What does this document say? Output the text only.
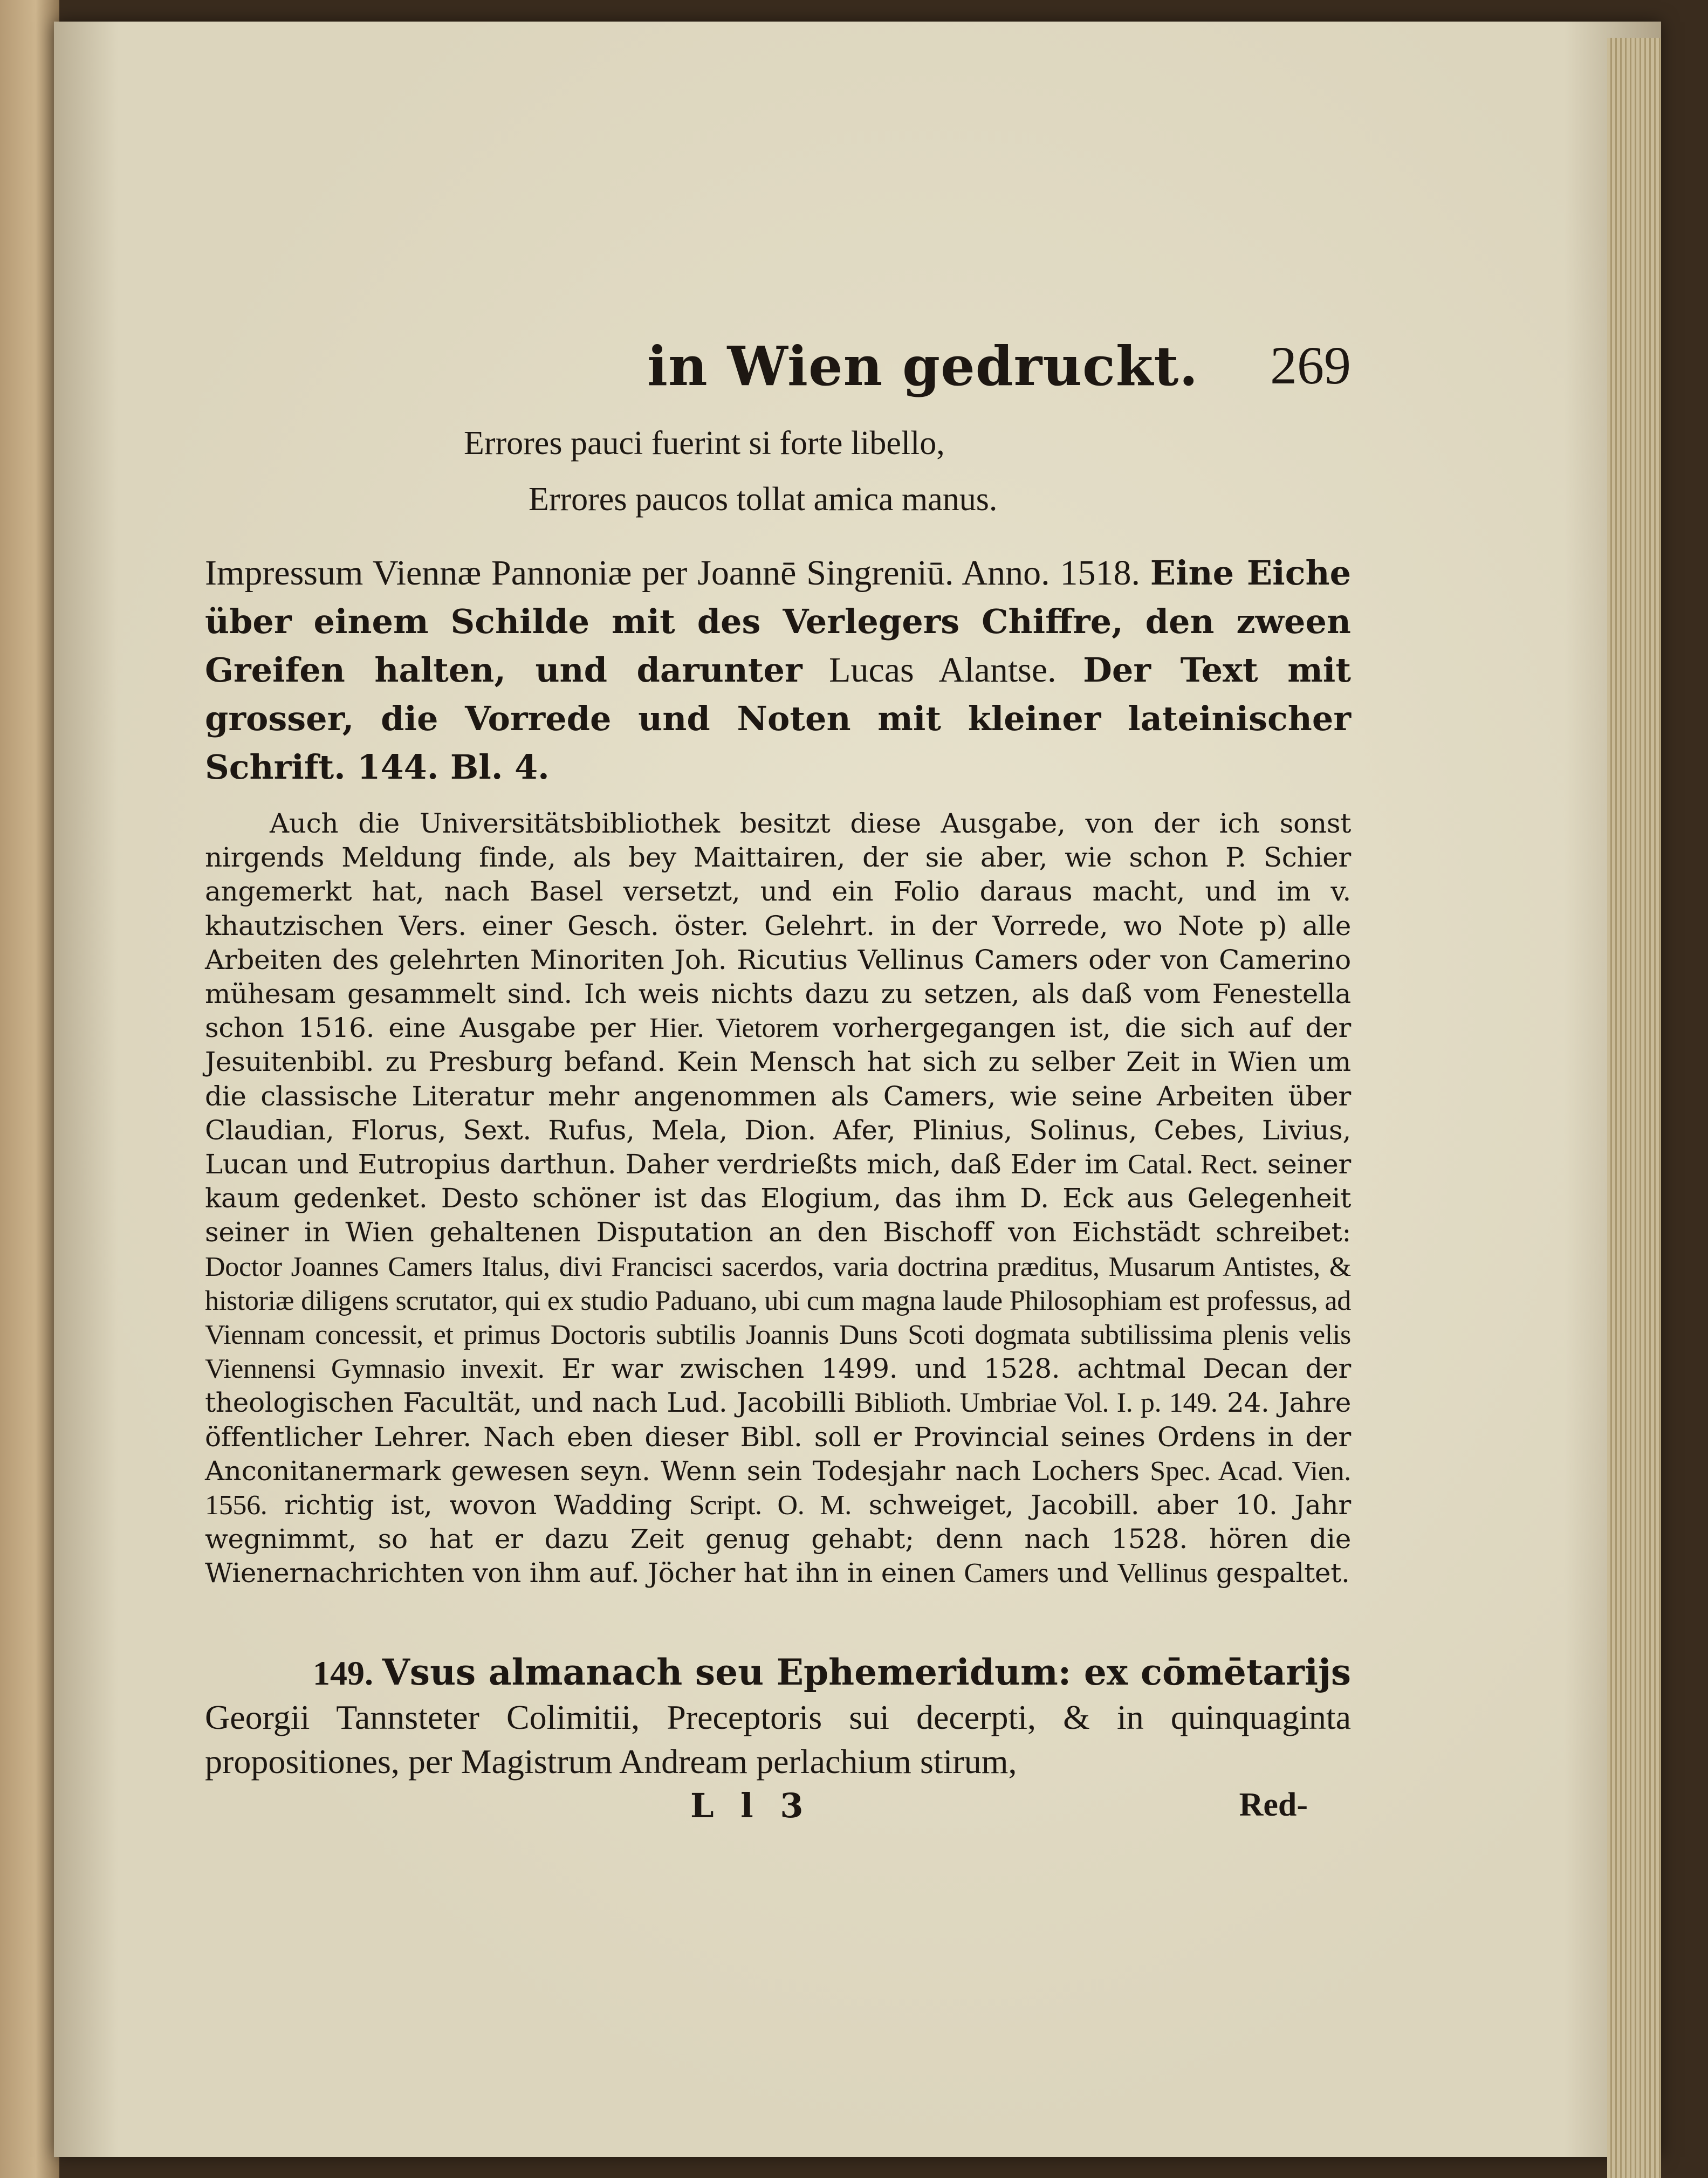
in Wien gedruckt. 269
Errores pauci fuerint si forte libello,
Errores paucos tollat amica manus.
Impressum Viennæ Pannoniæ per Joannē Singreniū. Anno. 1518. Eine Eiche über einem Schilde mit des Verlegers Chiffre, den zween Greifen halten, und darunter Lucas Alantse. Der Text mit grosser, die Vorrede und Noten mit kleiner lateinischer Schrift. 144. Bl. 4.

Auch die Universitätsbibliothek besitzt diese Ausgabe, von der ich sonst nirgends Meldung finde, als bey Maittairen, der sie aber, wie schon P. Schier angemerkt hat, nach Basel versetzt, und ein Folio daraus macht, und im v. khautzischen Vers. einer Gesch. öster. Gelehrt. in der Vorrede, wo Note p) alle Arbeiten des gelehrten Minoriten Joh. Ricutius Vellinus Camers oder von Camerino mühesam gesammelt sind. Ich weis nichts dazu zu setzen, als daß vom Fenestella schon 1516. eine Ausgabe per Hier. Vietorem vorhergegangen ist, die sich auf der Jesuitenbibl. zu Presburg befand. Kein Mensch hat sich zu selber Zeit in Wien um die classische Literatur mehr angenommen als Camers, wie seine Arbeiten über Claudian, Florus, Sext. Rufus, Mela, Dion. Afer, Plinius, Solinus, Cebes, Livius, Lucan und Eutropius darthun. Daher verdrießts mich, daß Eder im Catal. Rect. seiner kaum gedenket. Desto schöner ist das Elogium, das ihm D. Eck aus Gelegenheit seiner in Wien gehaltenen Disputation an den Bischoff von Eichstädt schreibet: Doctor Joannes Camers Italus, divi Francisci sacerdos, varia doctrina præditus, Musarum Antistes, & historiæ diligens scrutator, qui ex studio Paduano, ubi cum magna laude Philosophiam est professus, ad Viennam concessit, et primus Doctoris subtilis Joannis Duns Scoti dogmata subtilissima plenis velis Viennensi Gymnasio invexit. Er war zwischen 1499. und 1528. achtmal Decan der theologischen Facultät, und nach Lud. Jacobilli Biblioth. Umbriae Vol. I. p. 149. 24. Jahre öffentlicher Lehrer. Nach eben dieser Bibl. soll er Provincial seines Ordens in der Anconitanermark gewesen seyn. Wenn sein Todesjahr nach Lochers Spec. Acad. Vien. 1556. richtig ist, wovon Wadding Script. O. M. schweiget, Jacobill. aber 10. Jahr wegnimmt, so hat er dazu Zeit genug gehabt; denn nach 1528. hören die Wienernachrichten von ihm auf. Jöcher hat ihn in einen Camers und Vellinus gespaltet.

149. Vsus almanach seu Ephemeridum: ex cōmētarijs Georgii Tannsteter Colimitii, Preceptoris sui decerpti, & in quinquaginta propositiones, per Magistrum Andream perlachium stirum,
L l 3	Red-
